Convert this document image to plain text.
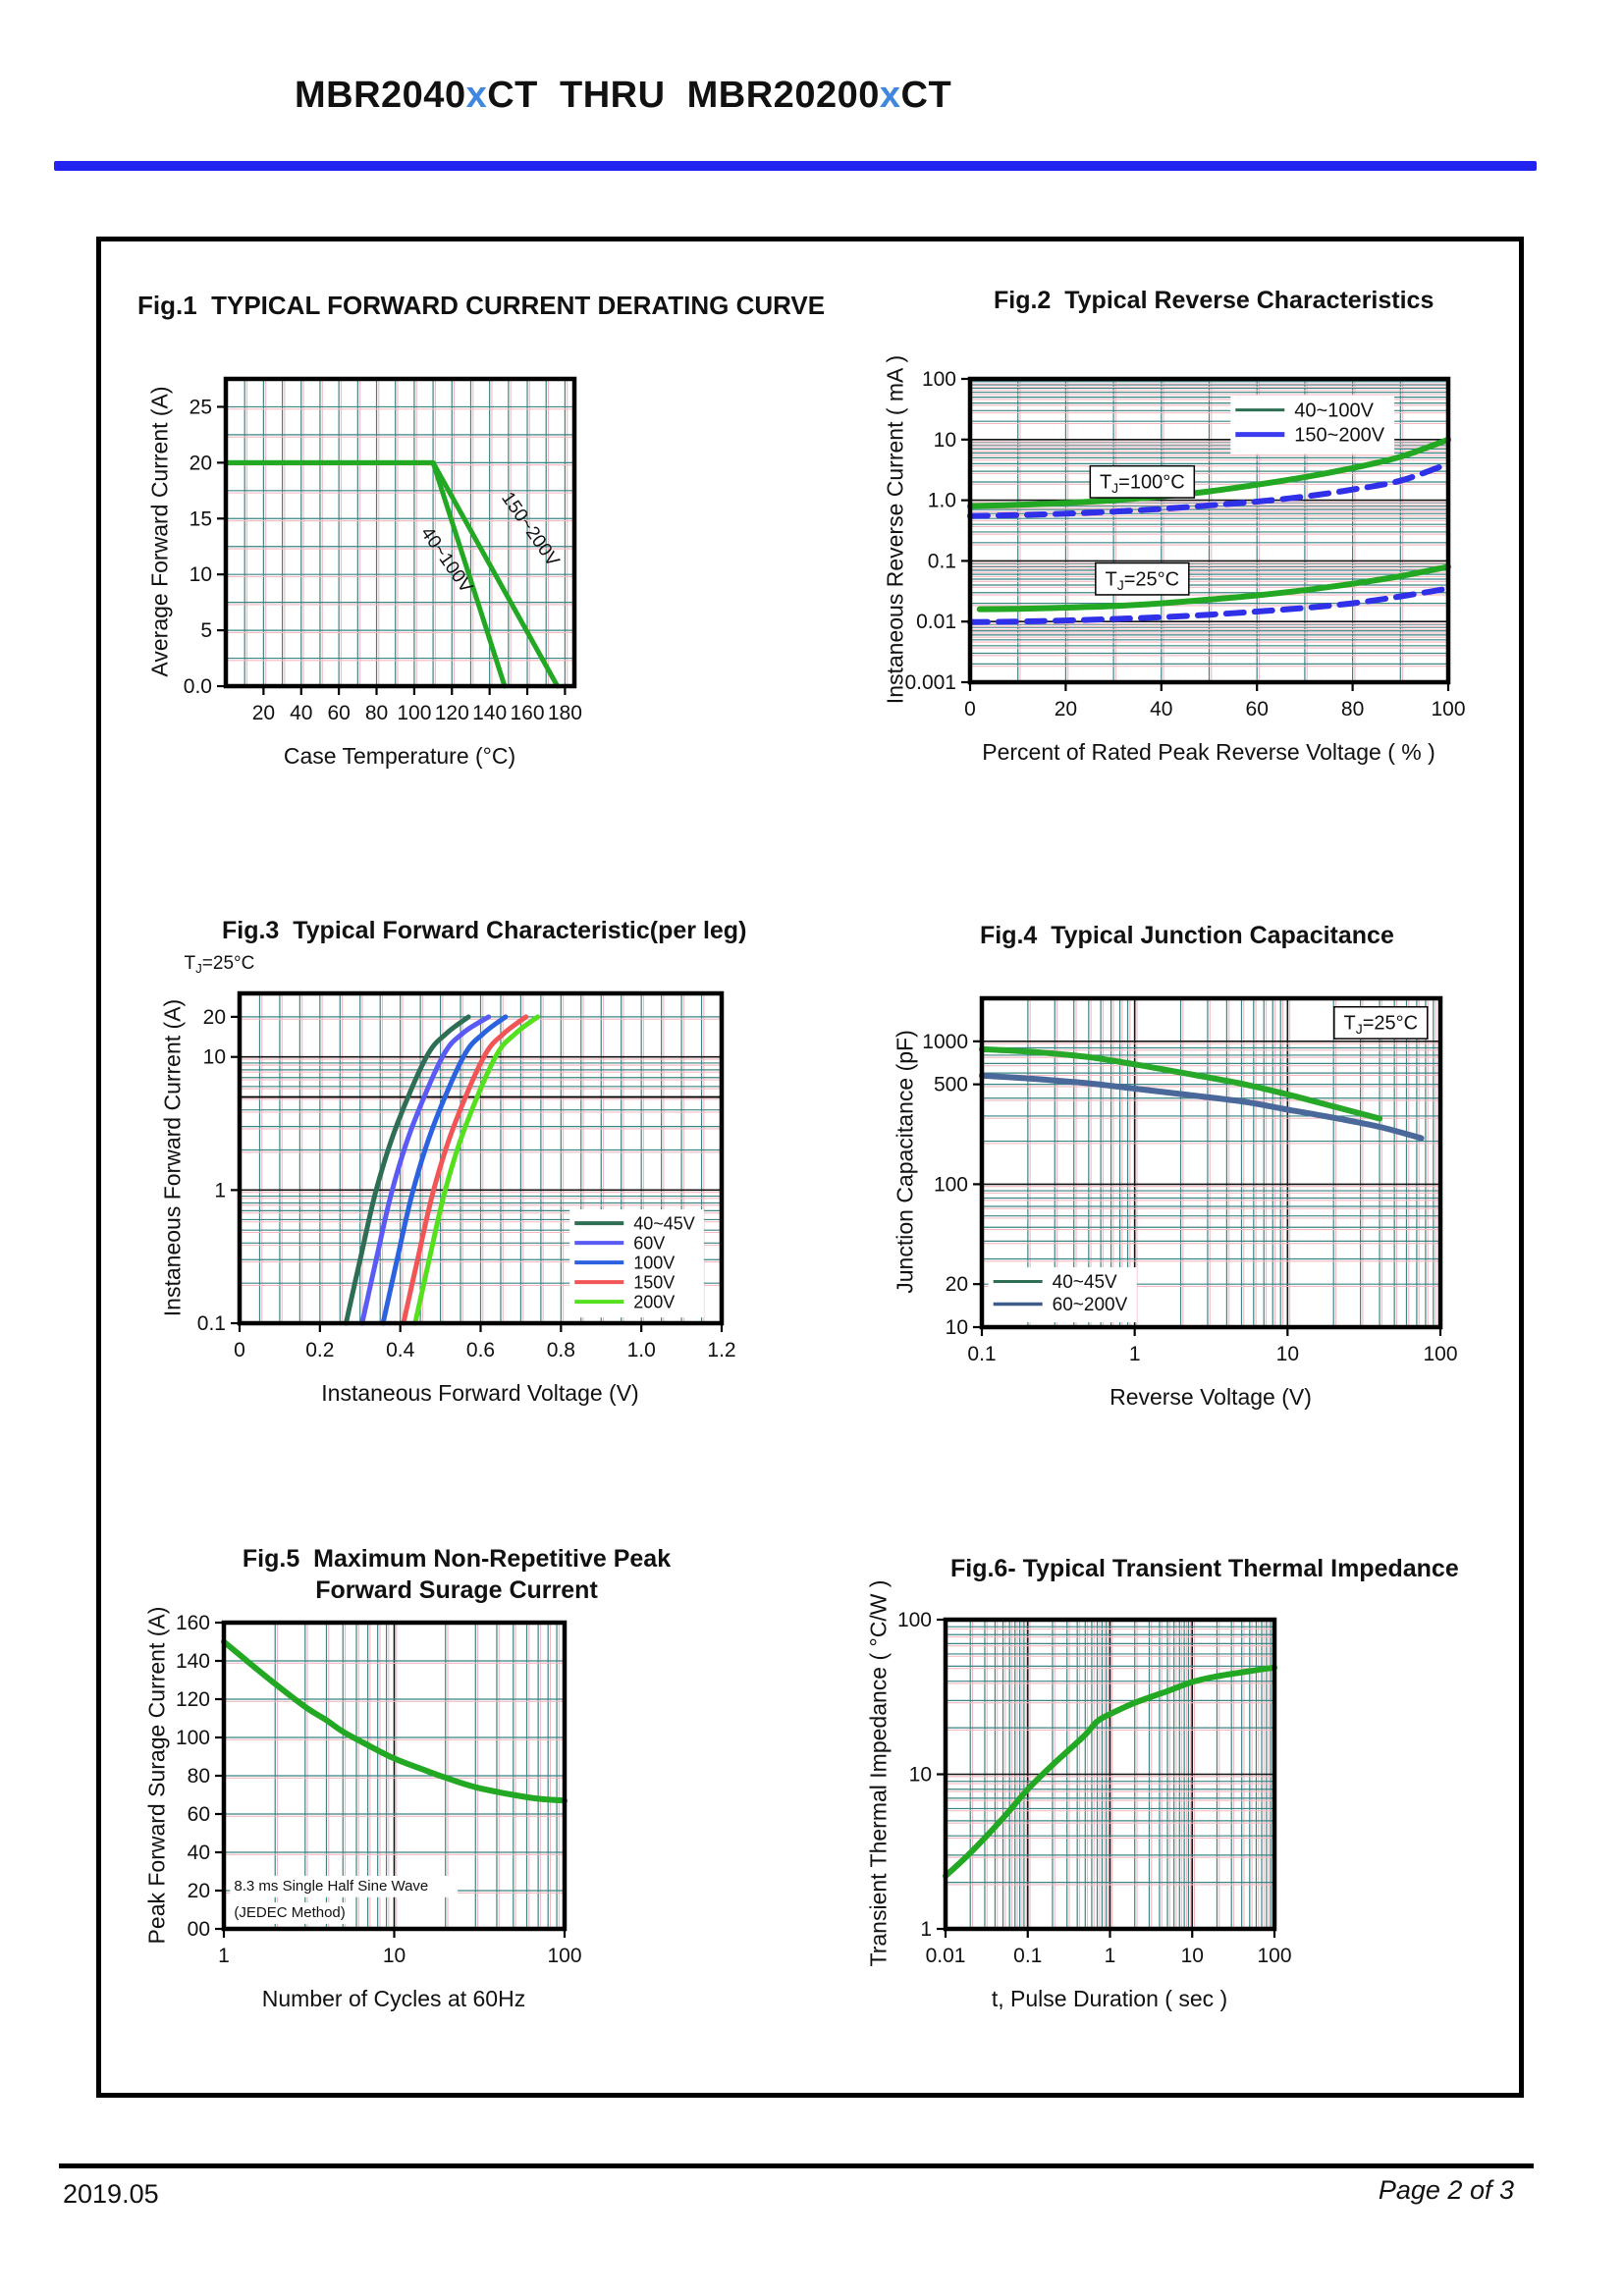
MBR2040xCT  THRU  MBR20200xCT
Fig.1  TYPICAL FORWARD CURRENT DERATING CURVE
Average Forward Current (A)	40~100V 150~200V
20 40 60 80 100 120 140 160 180
0.0
5
10
15
20
25
Case Temperature (°C)
Fig.2  Typical Reverse Characteristics
Instaneous Reverse Current ( mA )	40~100V
150~200V
$T_J=100^\circ C$
$T_J=25^\circ C$
0	20	40	60	80	100
100
10
1.0
0.1
0.01
0.001
Percent of Rated Peak Reverse Voltage ( % )
Fig.3  Typical Forward Characteristic(per leg)
Instaneous Forward Current (A)	40~45V
60V
100V
150V
200V
$T_J=25^\circ C$
0	0.2	0.4	0.6	0.8	1.0	1.2
0.1
1
10
20
Instaneous Forward Voltage (V)
Fig.4  Typical Junction Capacitance
Junction Capacitance (pF)	40~45V
60~200V
$T_J=25^\circ C$
0.1	1	10	100
10
20
100
500
1000
Reverse Voltage (V)
Fig.5  Maximum Non-Repetitive Peak
Forward Surage Current
Peak Forward Surage Current (A)	8.3 ms Single Half Sine Wave
(JEDEC Method)
1	10	100
00
20
40
60
80
100
120
140
160
Number of Cycles at 60Hz
Fig.6- Typical Transient Thermal Impedance
Transient Thermal Impedance ( °C/W ) 0.01 0.1	1	10	100
1
10
100
t, Pulse Duration ( sec )
2019.05	Page 2 of 3
